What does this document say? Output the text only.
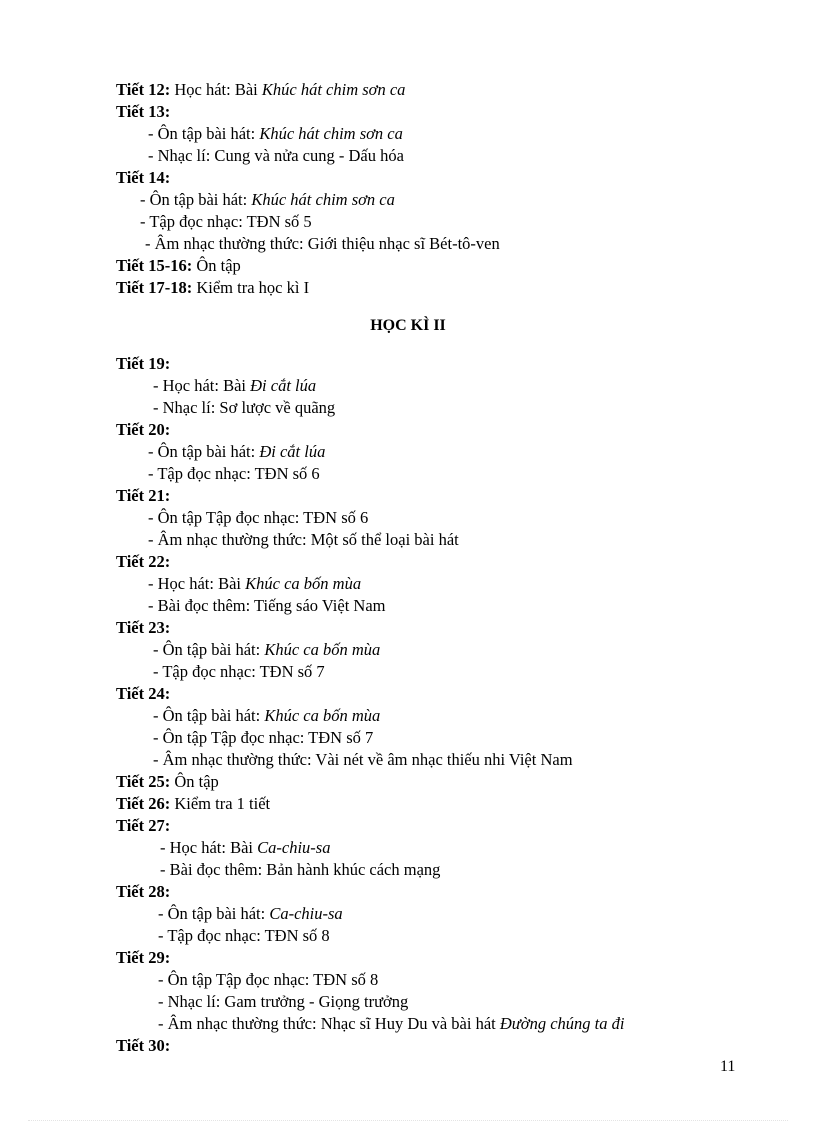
Tiết 12: Học hát: Bài Khúc hát chim sơn ca
Tiết 13:
- Ôn tập bài hát: Khúc hát chim sơn ca
- Nhạc lí: Cung và nửa cung - Dấu hóa
Tiết 14:
- Ôn tập bài hát: Khúc hát chim sơn ca
- Tập đọc nhạc: TĐN số 5
- Âm nhạc thường thức: Giới thiệu nhạc sĩ Bét-tô-ven
Tiết 15-16: Ôn tập
Tiết 17-18: Kiểm tra học kì I
Tiết 19:
- Học hát: Bài Đi cắt lúa
- Nhạc lí: Sơ lược về quãng
Tiết 20:
- Ôn tập bài hát: Đi cắt lúa
- Tập đọc nhạc: TĐN số 6
Tiết 21:
- Ôn tập Tập đọc nhạc: TĐN số 6
- Âm nhạc thường thức: Một số thể loại bài hát
Tiết 22:
- Học hát: Bài Khúc ca bốn mùa
- Bài đọc thêm: Tiếng sáo Việt Nam
Tiết 23:
- Ôn tập bài hát: Khúc ca bốn mùa
- Tập đọc nhạc: TĐN số 7
Tiết 24:
- Ôn tập bài hát: Khúc ca bốn mùa
- Ôn tập Tập đọc nhạc: TĐN số 7
- Âm nhạc thường thức: Vài nét về âm nhạc thiếu nhi Việt Nam
Tiết 25: Ôn tập
Tiết 26: Kiểm tra 1 tiết
Tiết 27:
- Học hát: Bài Ca-chiu-sa
- Bài đọc thêm: Bản hành khúc cách mạng
Tiết 28:
- Ôn tập bài hát: Ca-chiu-sa
- Tập đọc nhạc: TĐN số 8
Tiết 29:
- Ôn tập Tập đọc nhạc: TĐN số 8
- Nhạc lí: Gam trưởng - Giọng trưởng
- Âm nhạc thường thức: Nhạc sĩ Huy Du và bài hát Đường chúng ta đi
Tiết 30:
HỌC KÌ II
11
